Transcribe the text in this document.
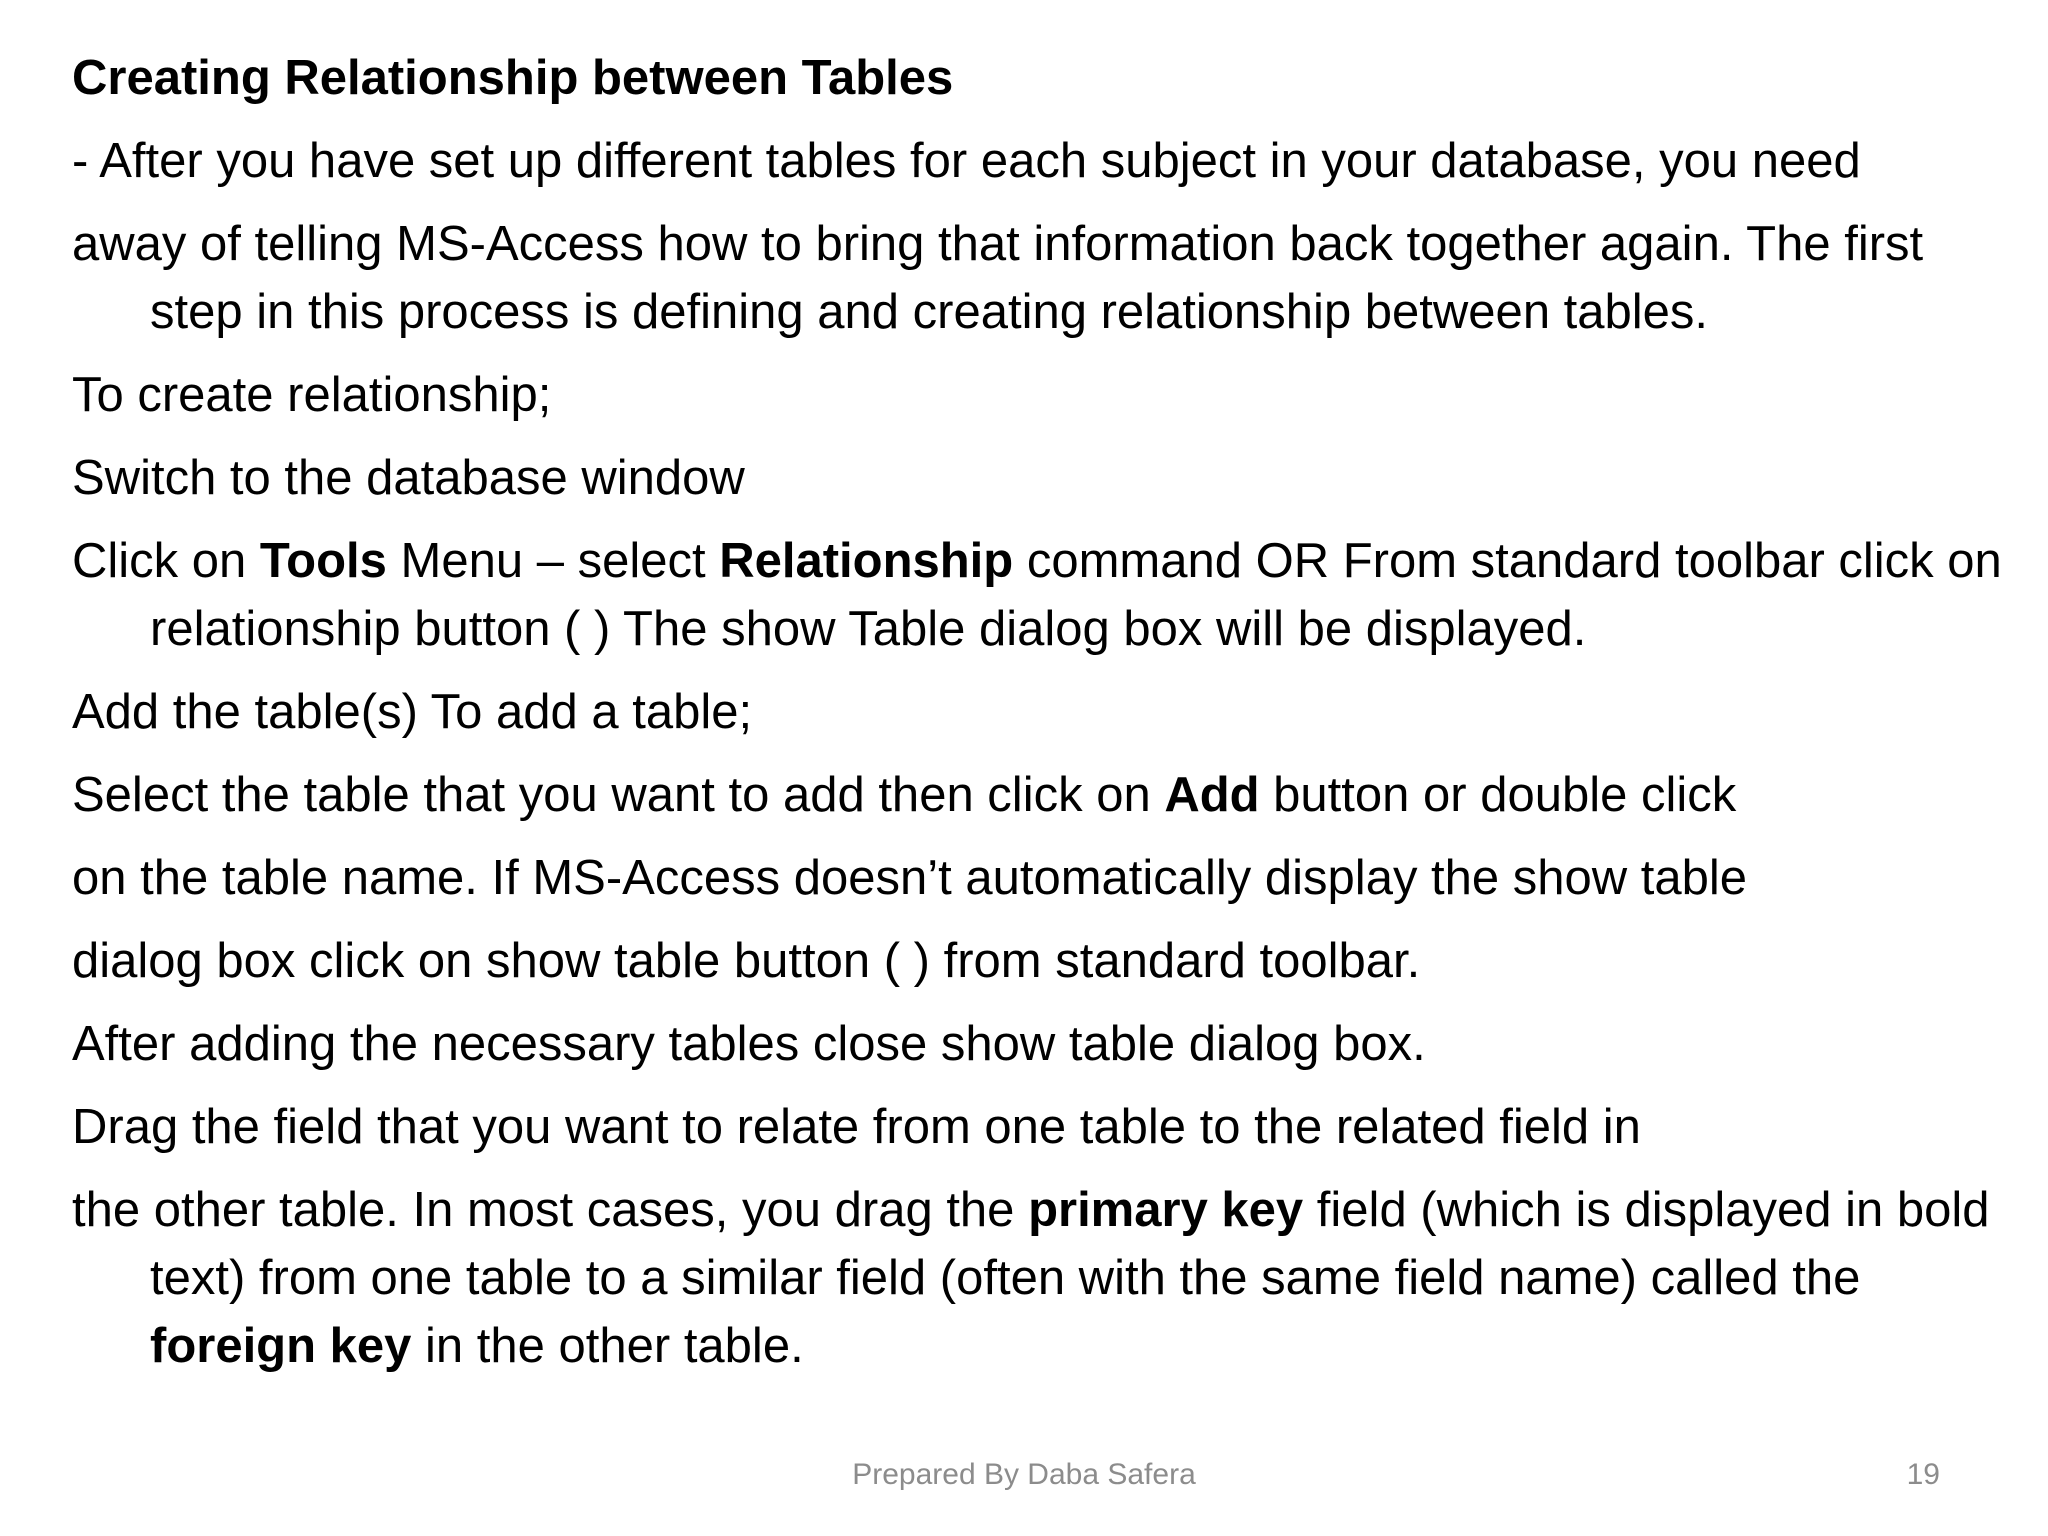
Creating Relationship between Tables

- After you have set up different tables for each subject in your database, you need

away of telling MS-Access how to bring that information back together again. The first step in this process is defining and creating relationship between tables.

To create relationship;

Switch to the database window

Click on Tools Menu – select Relationship command OR From standard toolbar click on relationship button ( ) The show Table dialog box will be displayed.

Add the table(s) To add a table;

Select the table that you want to add then click on Add button or double click

on the table name. If MS-Access doesn’t automatically display the show table

dialog box click on show table button ( ) from standard toolbar.

After adding the necessary tables close show table dialog box.

Drag the field that you want to relate from one table to the related field in

the other table. In most cases, you drag the primary key field (which is displayed in bold text) from one table to a similar field (often with the same field name) called the foreign key in the other table.

Prepared By Daba Safera	19
